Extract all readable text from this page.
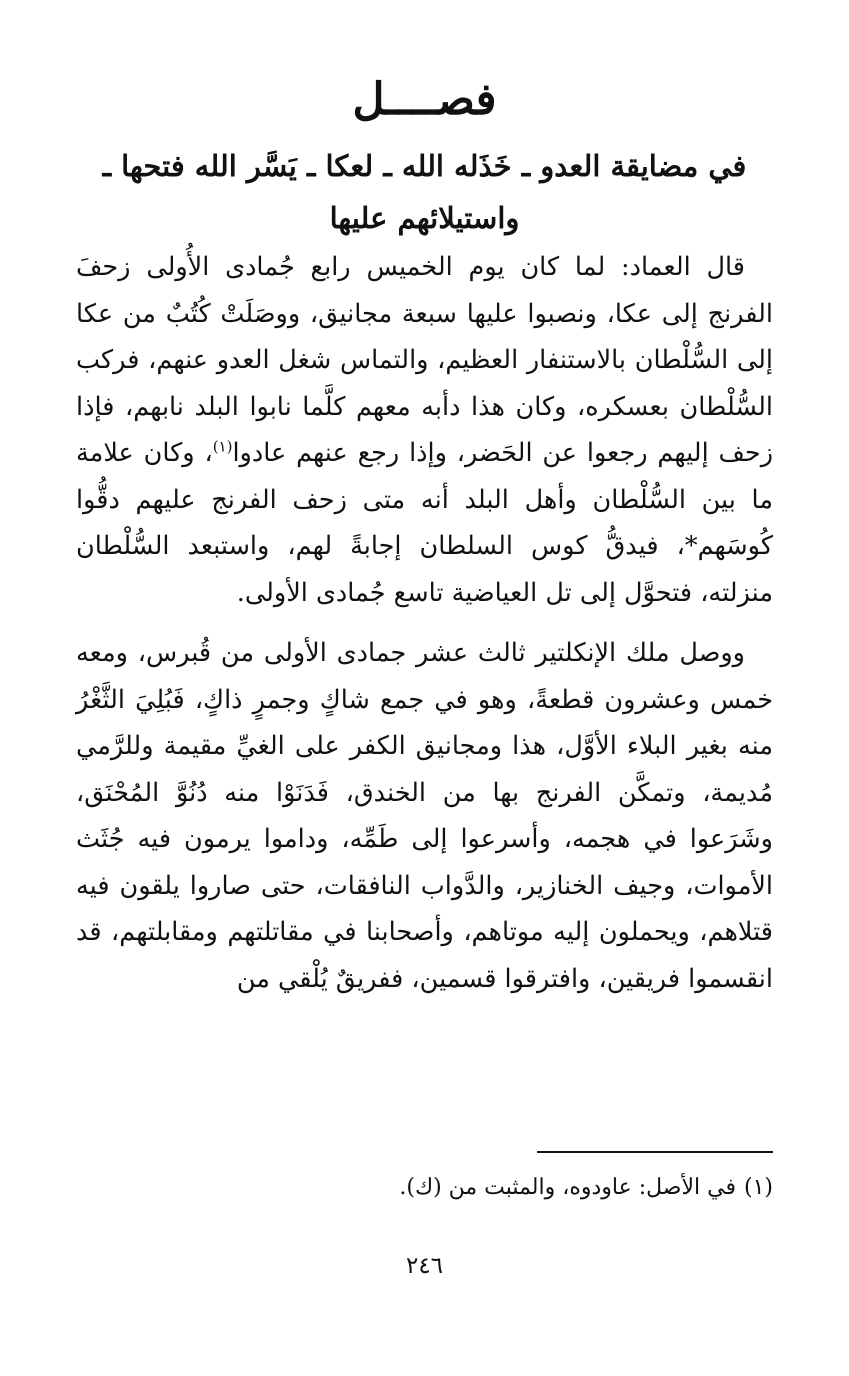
فصــــل
في مضايقة العدو ـ خَذَله الله ـ لعكا ـ يَسَّر الله فتحها ـ
واستيلائهم عليها

قال العماد: لما كان يوم الخميس رابع جُمادى الأُولى زحفَ الفرنج إلى عكا، ونصبوا عليها سبعة مجانيق، ووصَلَتْ كُتُبٌ من عكا إلى السُّلْطان بالاستنفار العظيم، والتماس شغل العدو عنهم، فركب السُّلْطان بعسكره، وكان هذا دأبه معهم كلَّما نابوا البلد نابهم، فإذا زحف إليهم رجعوا عن الحَضر، وإذا رجع عنهم عادوا$^{(١)}$، وكان علامة ما بين السُّلْطان وأهل البلد أنه متى زحف الفرنج عليهم دقُّوا كُوسَهم*، فيدقُّ كوس السلطان إجابةً لهم، واستبعد السُّلْطان منزلته، فتحوَّل إلى تل العياضية تاسع جُمادى الأولى.

ووصل ملك الإنكلتير ثالث عشر جمادى الأولى من قُبرس، ومعه خمس وعشرون قطعةً، وهو في جمع شاكٍ وجمرٍ ذاكٍ، فَبُلِيَ الثَّغْرُ منه بغير البلاء الأوَّل، هذا ومجانيق الكفر على الغيِّ مقيمة وللرَّمي مُديمة، وتمكَّن الفرنج بها من الخندق، فَدَنَوْا منه دُنُوَّ المُحْنَق، وشَرَعوا في هجمه، وأسرعوا إلى طَمِّه، وداموا يرمون فيه جُثَث الأموات، وجيف الخنازير، والدَّواب النافقات، حتى صاروا يلقون فيه قتلاهم، ويحملون إليه موتاهم، وأصحابنا في مقاتلتهم ومقابلتهم، قد انقسموا فريقين، وافترقوا قسمين، ففريقٌ يُلْقي من

(١)في الأصل: عاودوه، والمثبت من (ك).
٢٤٦
